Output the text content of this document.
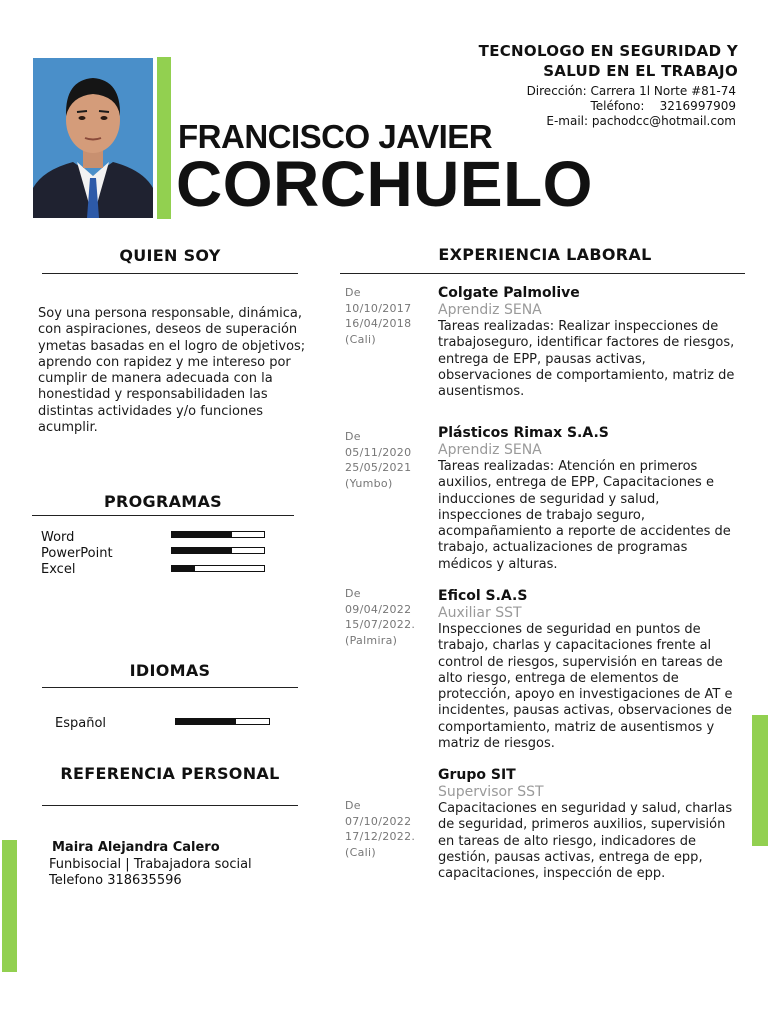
TECNOLOGO EN SEGURIDAD Y
SALUD EN EL TRABAJO
Dirección: Carrera 1l Norte #81-74
Teléfono:    3216997909
E-mail: pachodcc@hotmail.com
FRANCISCO JAVIER
CORCHUELO
QUIEN SOY
Soy una persona responsable, dinámica, con aspiraciones, deseos de superación ymetas basadas en el logro de objetivos; aprendo con rapidez y me intereso por cumplir de manera adecuada con la honestidad y responsabilidaden las distintas actividades y/o funciones acumplir.
PROGRAMAS
Word
PowerPoint
Excel
IDIOMAS
Español
REFERENCIA PERSONAL
Maira Alejandra Calero
Funbisocial | Trabajadora social
Telefono 318635596
EXPERIENCIA LABORAL
De
10/10/2017
16/04/2018
(Cali)
Colgate Palmolive
Aprendiz SENA
Tareas realizadas: Realizar inspecciones de trabajoseguro, identificar factores de riesgos, entrega de EPP, pausas activas, observaciones de comportamiento, matriz de ausentismos.
De
05/11/2020
25/05/2021
(Yumbo)
Plásticos Rimax S.A.S
Aprendiz SENA
Tareas realizadas: Atención en primeros auxilios, entrega de EPP, Capacitaciones e inducciones de seguridad y salud, inspecciones de trabajo seguro, acompañamiento a reporte de accidentes de trabajo, actualizaciones de programas médicos y alturas.
De
09/04/2022
15/07/2022.
(Palmira)
Eficol S.A.S
Auxiliar SST
Inspecciones de seguridad en puntos de trabajo, charlas y capacitaciones frente al control de riesgos, supervisión en tareas de alto riesgo, entrega de elementos de protección, apoyo en investigaciones de AT e incidentes, pausas activas, observaciones de comportamiento, matriz de ausentismos y matriz de riesgos.
De
07/10/2022
17/12/2022.
(Cali)
Grupo SIT
Supervisor SST
Capacitaciones en seguridad y salud, charlas de seguridad, primeros auxilios, supervisión en tareas de alto riesgo, indicadores de gestión, pausas activas, entrega de epp, capacitaciones, inspección de epp.
